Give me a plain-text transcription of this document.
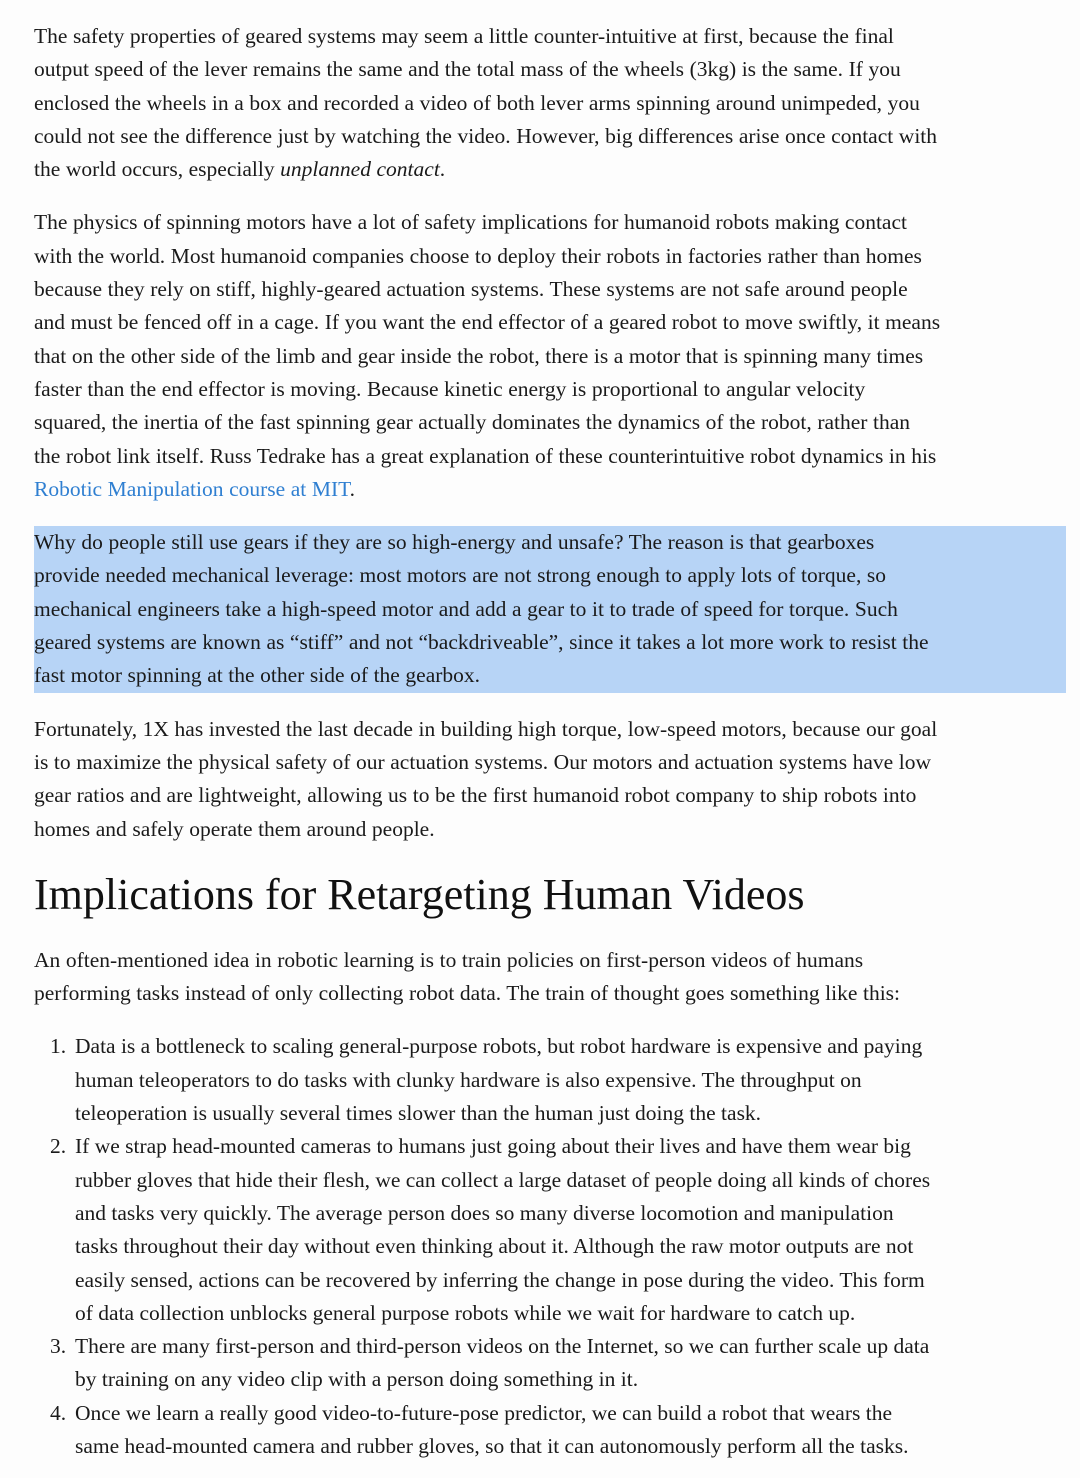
The safety properties of geared systems may seem a little counter-intuitive at first, because the final
output speed of the lever remains the same and the total mass of the wheels (3kg) is the same. If you
enclosed the wheels in a box and recorded a video of both lever arms spinning around unimpeded, you
could not see the difference just by watching the video. However, big differences arise once contact with
the world occurs, especially unplanned contact.

The physics of spinning motors have a lot of safety implications for humanoid robots making contact
with the world. Most humanoid companies choose to deploy their robots in factories rather than homes
because they rely on stiff, highly-geared actuation systems. These systems are not safe around people
and must be fenced off in a cage. If you want the end effector of a geared robot to move swiftly, it means
that on the other side of the limb and gear inside the robot, there is a motor that is spinning many times
faster than the end effector is moving. Because kinetic energy is proportional to angular velocity
squared, the inertia of the fast spinning gear actually dominates the dynamics of the robot, rather than
the robot link itself. Russ Tedrake has a great explanation of these counterintuitive robot dynamics in his
Robotic Manipulation course at MIT.

Why do people still use gears if they are so high-energy and unsafe? The reason is that gearboxes
provide needed mechanical leverage: most motors are not strong enough to apply lots of torque, so
mechanical engineers take a high-speed motor and add a gear to it to trade of speed for torque. Such
geared systems are known as “stiff” and not “backdriveable”, since it takes a lot more work to resist the
fast motor spinning at the other side of the gearbox.

Fortunately, 1X has invested the last decade in building high torque, low-speed motors, because our goal
is to maximize the physical safety of our actuation systems. Our motors and actuation systems have low
gear ratios and are lightweight, allowing us to be the first humanoid robot company to ship robots into
homes and safely operate them around people.

Implications for Retargeting Human Videos

An often-mentioned idea in robotic learning is to train policies on first-person videos of humans
performing tasks instead of only collecting robot data. The train of thought goes something like this:

1. Data is a bottleneck to scaling general-purpose robots, but robot hardware is expensive and paying
human teleoperators to do tasks with clunky hardware is also expensive. The throughput on
teleoperation is usually several times slower than the human just doing the task.
2. If we strap head-mounted cameras to humans just going about their lives and have them wear big
rubber gloves that hide their flesh, we can collect a large dataset of people doing all kinds of chores
and tasks very quickly. The average person does so many diverse locomotion and manipulation
tasks throughout their day without even thinking about it. Although the raw motor outputs are not
easily sensed, actions can be recovered by inferring the change in pose during the video. This form
of data collection unblocks general purpose robots while we wait for hardware to catch up.
3. There are many first-person and third-person videos on the Internet, so we can further scale up data
by training on any video clip with a person doing something in it.
4. Once we learn a really good video-to-future-pose predictor, we can build a robot that wears the
same head-mounted camera and rubber gloves, so that it can autonomously perform all the tasks.
